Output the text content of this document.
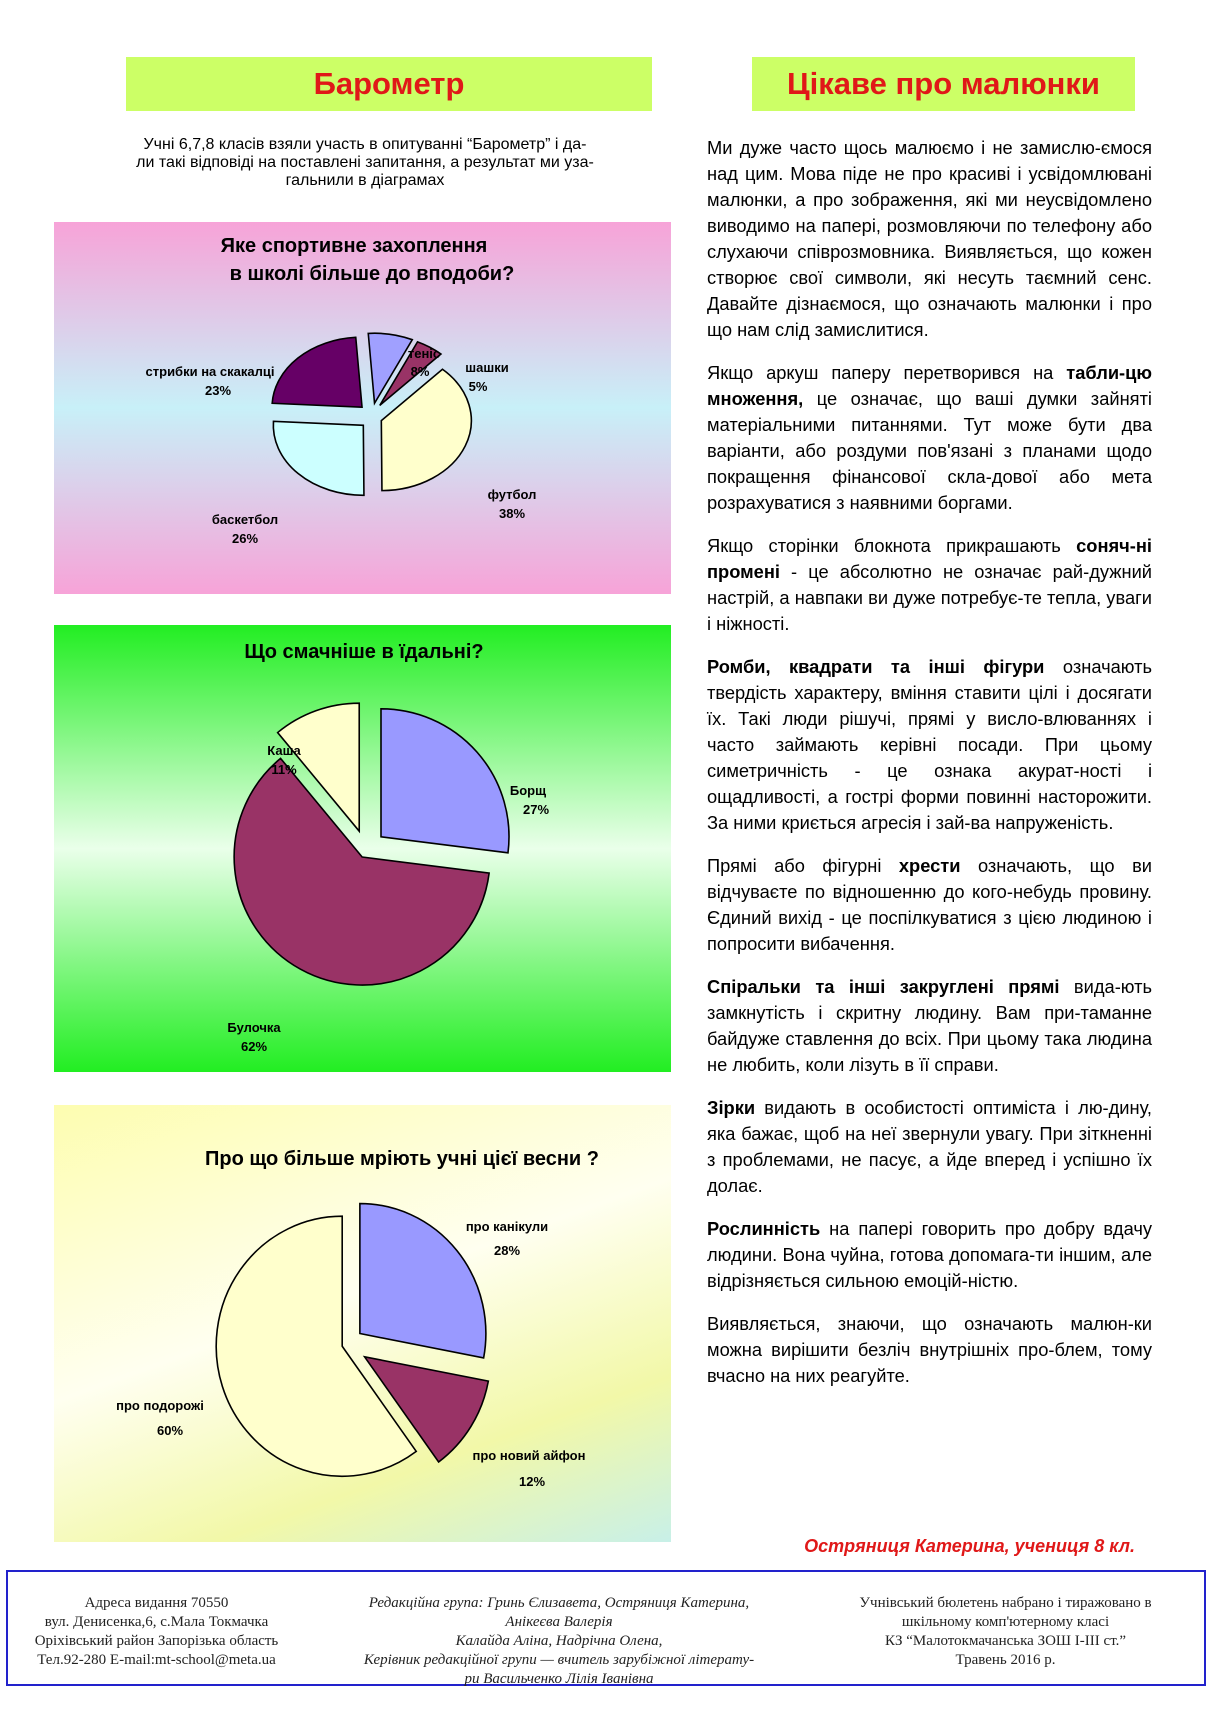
Барометр	Цікаве про малюнки
Учні 6,7,8 класів взяли участь в опитуванні “Барометр” і да-
ли такі відповіді на поставлені запитання, а результат ми уза-
гальнили в діаграмах
Яке спортивне захоплення
в школі більше до вподоби?
стрибки на скакалці
23%
теніс
8%	шашки
5%
футбол
38%
баскетбол
26%
Що смачніше в їдальні?
Каша
11%
Борщ
27%
Булочка
62%
Про що більше мріють учні цієї весни ?
про канікули
28%
про новий айфон
12%
про подорожі
60%

Ми дуже часто щось малюємо і не замислю-ємося над цим. Мова піде не про красиві і усвідомлювані малюнки, а про зображення, які ми неусвідомлено виводимо на папері, розмовляючи по телефону або слухаючи співрозмовника. Виявляється, що кожен створює свої символи, які несуть таємний сенс. Давайте дізнаємося, що означають малюнки і про що нам слід замислитися.

Якщо аркуш паперу перетворився на табли-цю множення, це означає, що ваші думки зайняті матеріальними питаннями. Тут може бути два варіанти, або роздуми пов'язані з планами щодо покращення фінансової скла-дової або мета розрахуватися з наявними боргами.

Якщо сторінки блокнота прикрашають соняч-ні промені - це абсолютно не означає рай-дужний настрій, а навпаки ви дуже потребує-те тепла, уваги і ніжності.

Ромби, квадрати та інші фігури означають твердість характеру, вміння ставити цілі і досягати їх. Такі люди рішучі, прямі у висло-влюваннях і часто займають керівні посади. При цьому симетричність - це ознака акурат-ності і ощадливості, а гострі форми повинні насторожити. За ними криється агресія і зай-ва напруженість.

Прямі або фігурні хрести означають, що ви відчуваєте по відношенню до кого-небудь провину. Єдиний вихід - це поспілкуватися з цією людиною і попросити вибачення.

Спіральки та інші закруглені прямі вида-ють замкнутість і скритну людину. Вам при-таманне байдуже ставлення до всіх. При цьому така людина не любить, коли лізуть в її справи.

Зірки видають в особистості оптиміста і лю-дину, яка бажає, щоб на неї звернули увагу. При зіткненні з проблемами, не пасує, а йде вперед і успішно їх долає.

Рослинність на папері говорить про добру вдачу людини. Вона чуйна, готова допомага-ти іншим, але відрізняється сильною емоцій-ністю.

Виявляється, знаючи, що означають малюн-ки можна вирішити безліч внутрішніх про-блем, тому вчасно на них реагуйте.

Остряниця Катерина, учениця 8 кл.
Адреса видання 70550
вул. Денисенка,6, с.Мала Токмачка
Оріхівський район Запорізька область
Тел.92-280 E-mail:mt-school@meta.ua
Редакційна група: Гринь Єлизавета, Остряниця Катерина,
Анікеєва Валерія
Калайда Аліна, Надрічна Олена,
Керівник редакційної групи — вчитель зарубіжної літерату-
ри Васильченко Лілія Іванівна
Учнівський бюлетень набрано і тиражовано в
шкільному комп'ютерному класі
КЗ “Малотокмачанська ЗОШ І-ІІІ ст.”
Травень 2016 р.
